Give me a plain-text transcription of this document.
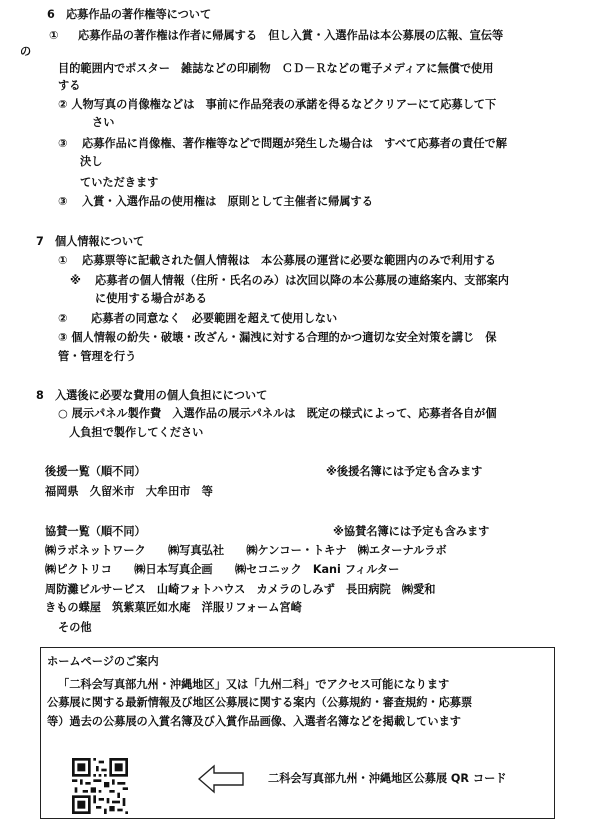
6　応募作品の著作権等について

① 応募作品の著作権は作者に帰属する　但し入賞・入選作品は本公募展の広報、宣伝等

の

目的範囲内でポスター　雑誌などの印刷物　ＣＤ－Ｒなどの電子メディアに無償で使用

する

② 人物写真の肖像権などは　事前に作品発表の承諾を得るなどクリアーにて応募して下

さい

③ 応募作品に肖像権、著作権等などで問題が発生した場合は　すべて応募者の責任で解

決し

ていただきます

③ 入賞・入選作品の使用権は　原則として主催者に帰属する

7　個人情報について

① 応募票等に記載された個人情報は　本公募展の運営に必要な範囲内のみで利用する

※ 応募者の個人情報（住所・氏名のみ）は次回以降の本公募展の連絡案内、支部案内

に使用する場合がある

② 応募者の同意なく　必要範囲を超えて使用しない

③ 個人情報の紛失・破壊・改ざん・漏洩に対する合理的かつ適切な安全対策を講じ　保

管・管理を行う

8　入選後に必要な費用の個人負担にについて

○ 展示パネル製作費　入選作品の展示パネルは　既定の様式によって、応募者各自が個

人負担で製作してください

後援一覧（順不同）	※後援名簿には予定も含みます

福岡県　久留米市　大牟田市　等

協賛一覧（順不同）	※協賛名簿には予定も含みます

㈱ラボネットワーク　　㈱写真弘社　　㈱ケンコー・トキナ　㈱エターナルラボ

㈱ピクトリコ　　㈱日本写真企画　　㈱セコニック　Kani フィルター

周防灘ビルサービス　山崎フォトハウス　カメラのしみず　長田病院　㈱愛和

きもの蝶屋　筑紫菓匠如水庵　洋服リフォーム宮崎

その他

ホームページのご案内

「二科会写真部九州・沖縄地区」又は「九州二科」でアクセス可能になります

公募展に関する最新情報及び地区公募展に関する案内（公募規約・審査規約・応募票

等）過去の公募展の入賞名簿及び入賞作品画像、入選者名簿などを掲載しています

二科会写真部九州・沖縄地区公募展 QR コード
